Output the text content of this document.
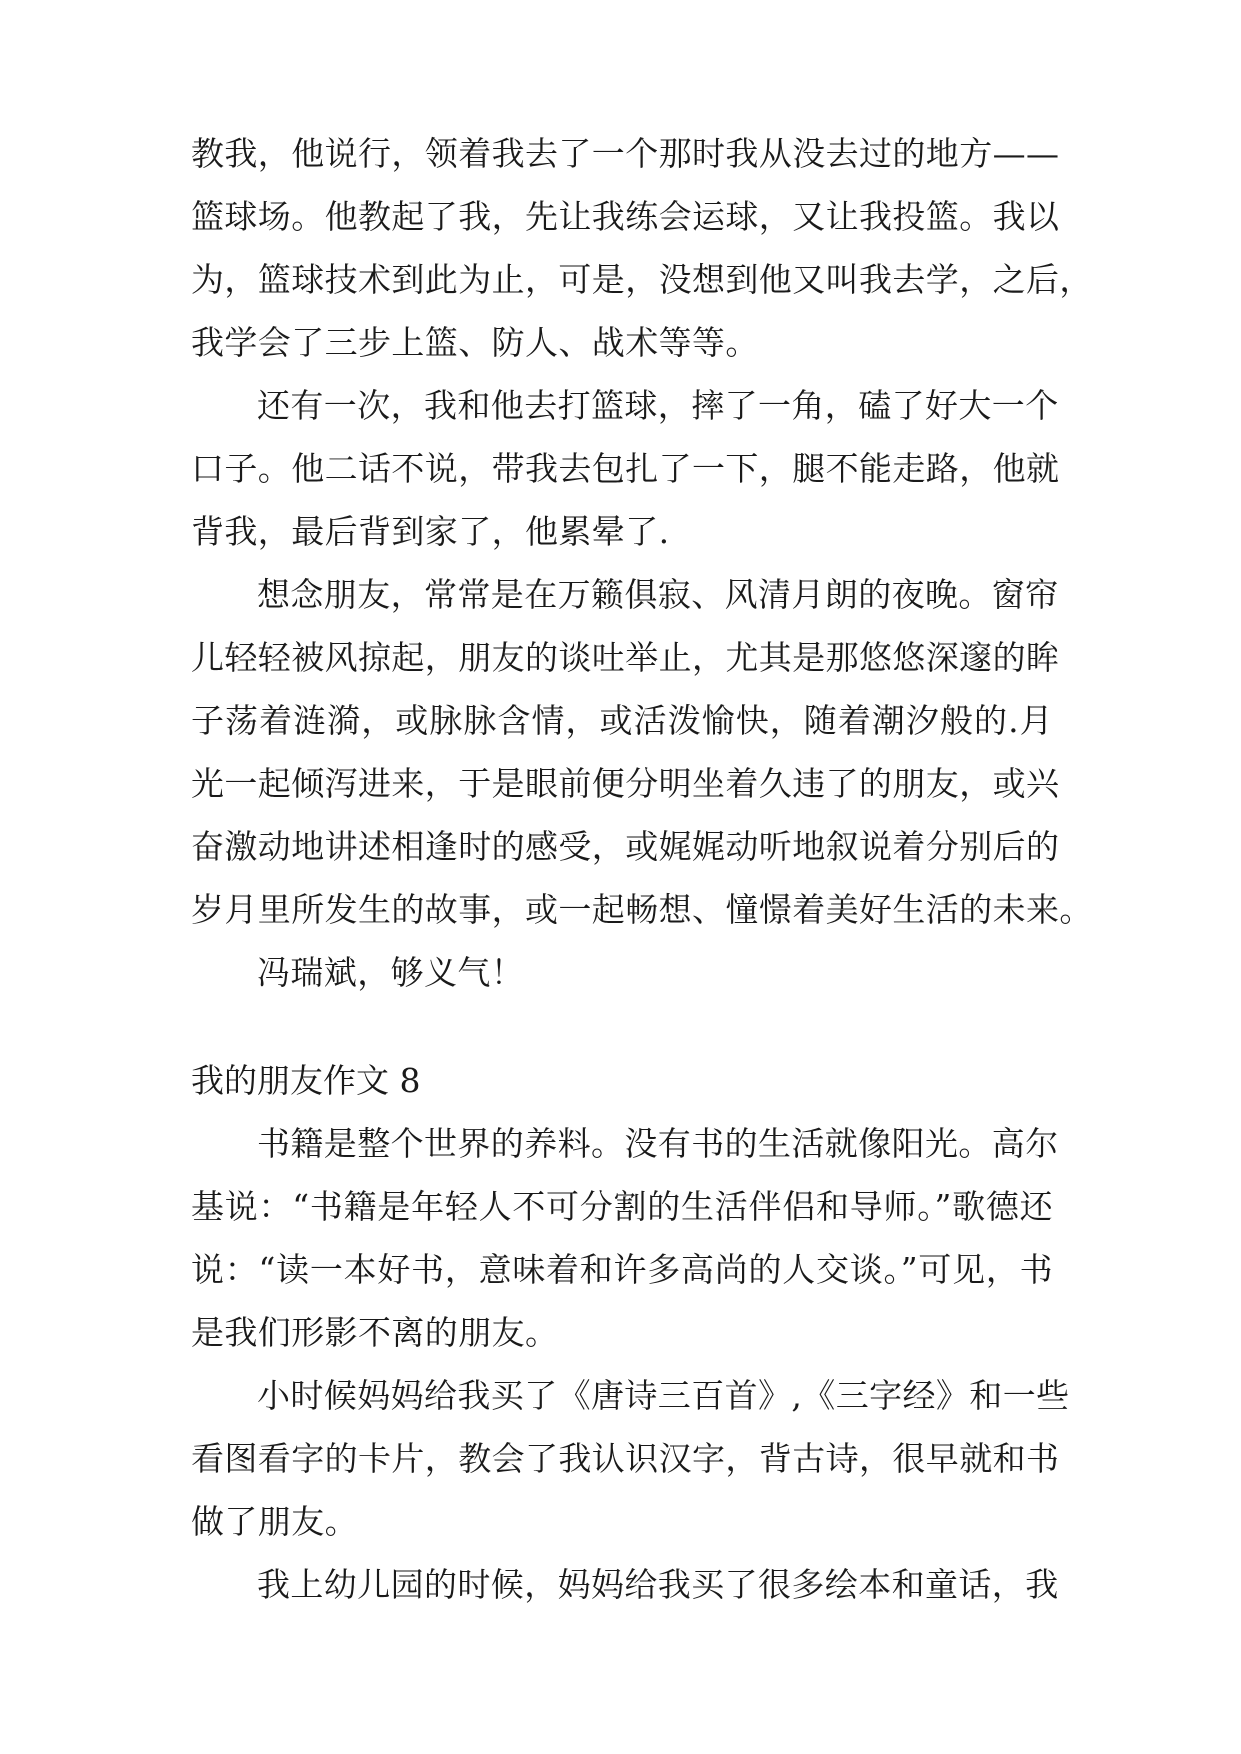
教我，他说行，领着我去了一个那时我从没去过的地方——
篮球场。他教起了我，先让我练会运球，又让我投篮。我以
为，篮球技术到此为止，可是，没想到他又叫我去学，之后，
我学会了三步上篮、防人、战术等等。
还有一次，我和他去打篮球，摔了一角，磕了好大一个
口子。他二话不说，带我去包扎了一下，腿不能走路，他就
背我，最后背到家了，他累晕了.
想念朋友，常常是在万籁俱寂、风清月朗的夜晚。窗帘
儿轻轻被风掠起，朋友的谈吐举止，尤其是那悠悠深邃的眸
子荡着涟漪，或脉脉含情，或活泼愉快，随着潮汐般的.月
光一起倾泻进来，于是眼前便分明坐着久违了的朋友，或兴
奋激动地讲述相逢时的感受，或娓娓动听地叙说着分别后的
岁月里所发生的故事，或一起畅想、憧憬着美好生活的未来。
冯瑞斌，够义气！
我的朋友作文 8
书籍是整个世界的养料。没有书的生活就像阳光。高尔
基说：“书籍是年轻人不可分割的生活伴侣和导师。”歌德还
说：“读一本好书，意味着和许多高尚的人交谈。”可见，书
是我们形影不离的朋友。
小时候妈妈给我买了《唐诗三百首》,《三字经》和一些
看图看字的卡片，教会了我认识汉字，背古诗，很早就和书
做了朋友。
我上幼儿园的时候，妈妈给我买了很多绘本和童话，我
